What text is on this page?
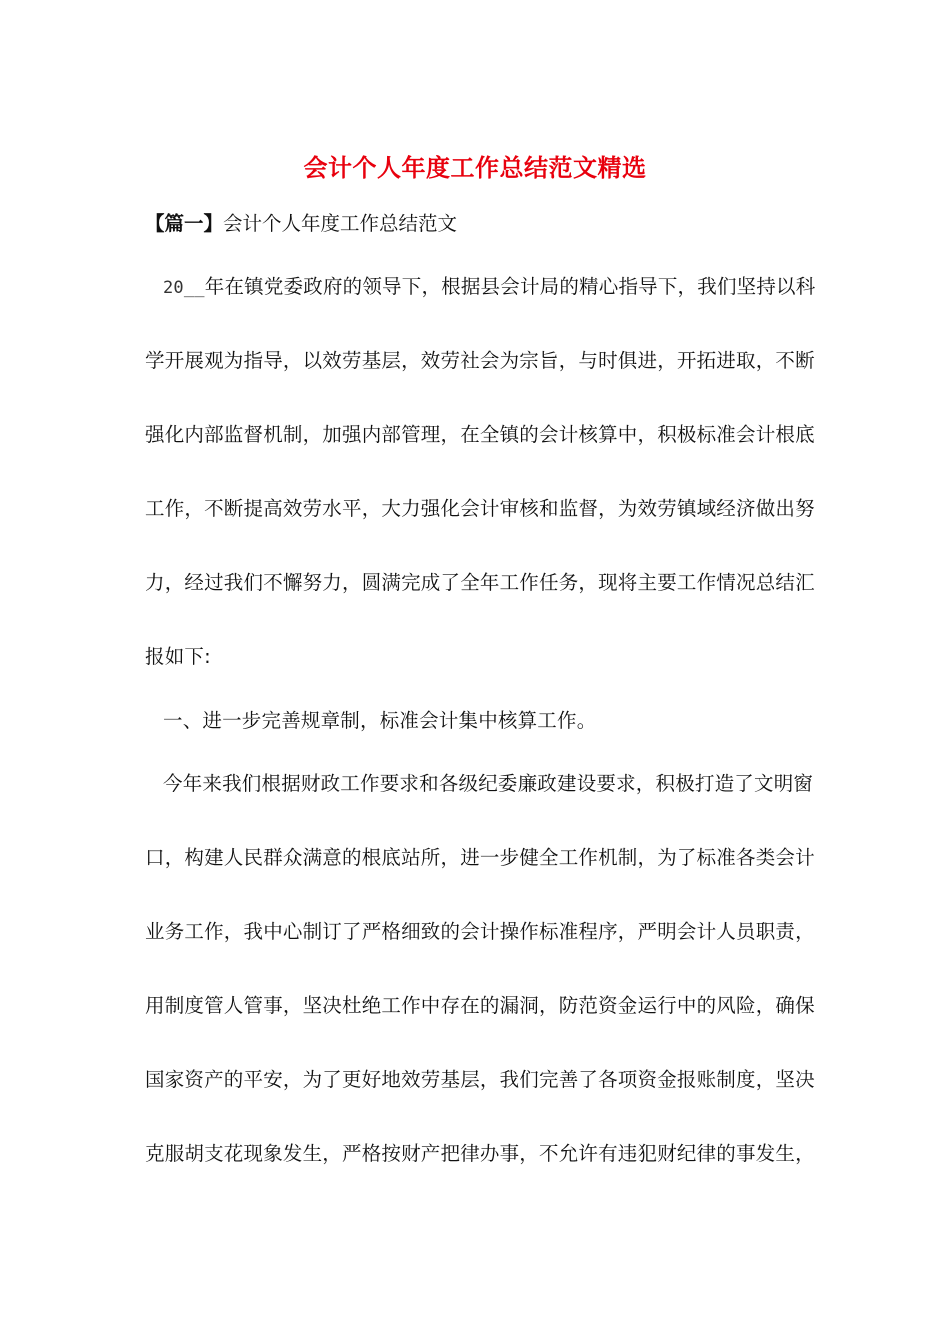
会计个人年度工作总结范文精选
【篇一】会计个人年度工作总结范文
20__年在镇党委政府的领导下，根据县会计局的精心指导下，我们坚持以科
学开展观为指导，以效劳基层，效劳社会为宗旨，与时俱进，开拓进取，不断
强化内部监督机制，加强内部管理，在全镇的会计核算中，积极标准会计根底
工作，不断提高效劳水平，大力强化会计审核和监督，为效劳镇域经济做出努
力，经过我们不懈努力，圆满完成了全年工作任务，现将主要工作情况总结汇
报如下:
一、进一步完善规章制，标准会计集中核算工作。
今年来我们根据财政工作要求和各级纪委廉政建设要求，积极打造了文明窗
口，构建人民群众满意的根底站所，进一步健全工作机制，为了标准各类会计
业务工作，我中心制订了严格细致的会计操作标准程序，严明会计人员职责，
用制度管人管事，坚决杜绝工作中存在的漏洞，防范资金运行中的风险，确保
国家资产的平安，为了更好地效劳基层，我们完善了各项资金报账制度，坚决
克服胡支花现象发生，严格按财产把律办事，不允许有违犯财纪律的事发生，
